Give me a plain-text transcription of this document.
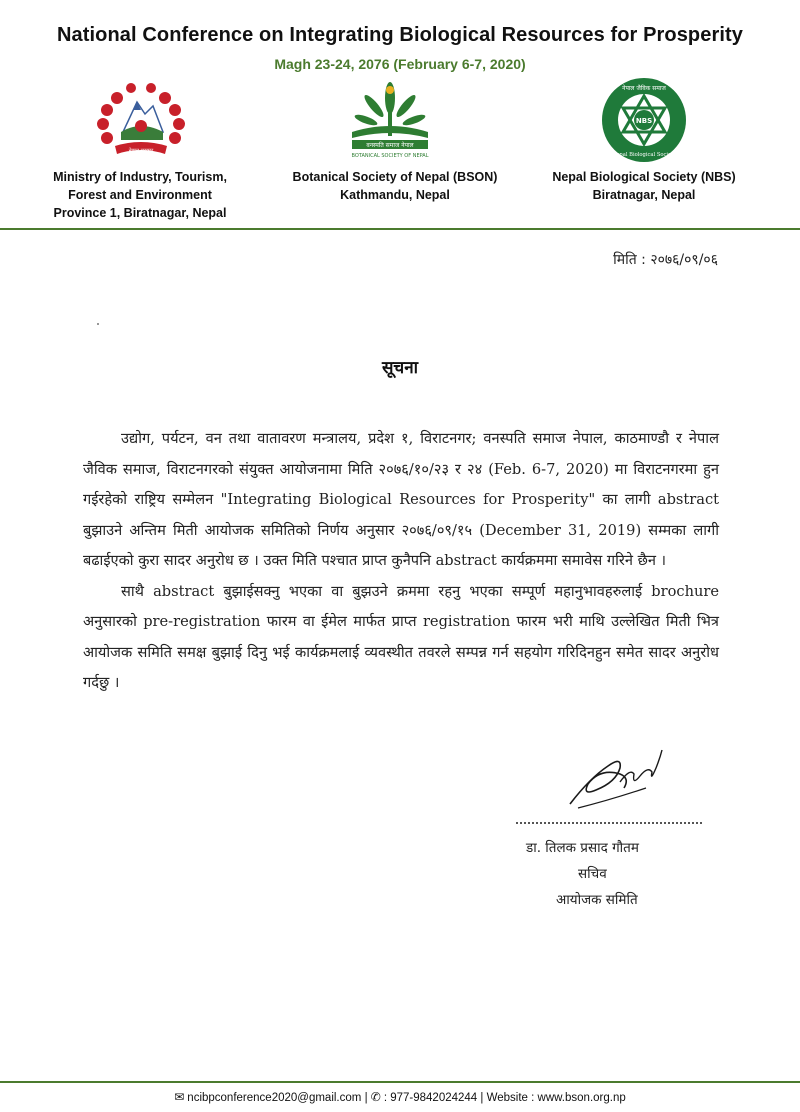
National Conference on Integrating Biological Resources for Prosperity
Magh 23-24, 2076 (February 6-7, 2020)
नेपाल सरकार
वनस्पति समाज नेपाल
BOTANICAL SOCIETY OF NEPAL
NBS
नेपाल जैविक समाज
Nepal Biological Society
Ministry of Industry, Tourism,
Forest and Environment
Province 1, Biratnagar, Nepal
Botanical Society of Nepal (BSON)
Kathmandu, Nepal
Nepal Biological Society (NBS)
Biratnagar, Nepal
मिति : २०७६/०९/०६
सूचना

उद्योग, पर्यटन, वन तथा वातावरण मन्त्रालय, प्रदेश १, विराटनगर; वनस्पति समाज नेपाल, काठमाण्डौ र नेपाल जैविक समाज, विराटनगरको संयुक्त आयोजनामा मिति २०७६/१०/२३ र २४ (Feb. 6-7, 2020) मा विराटनगरमा हुन गईरहेको राष्ट्रिय सम्मेलन "Integrating Biological Resources for Prosperity" का लागी abstract बुझाउने अन्तिम मिती आयोजक समितिको निर्णय अनुसार २०७६/०९/१५ (December 31, 2019) सम्मका लागी बढाईएको कुरा सादर अनुरोध छ । उक्त मिति पश्चात प्राप्त कुनैपनि abstract कार्यक्रममा समावेस गरिने छैन ।

साथै abstract बुझाईसक्नु भएका वा बुझउने क्रममा रहनु भएका सम्पूर्ण महानुभावहरुलाई brochure अनुसारको pre-registration फारम वा ईमेल मार्फत प्राप्त registration फारम भरी माथि उल्लेखित मिती भित्र आयोजक समिति समक्ष बुझाई दिनु भई कार्यक्रमलाई व्यवस्थीत तवरले सम्पन्न गर्न सहयोग गरिदिनहुन समेत सादर अनुरोध गर्दछु ।

डा. तिलक प्रसाद गौतम
सचिव
आयोजक समिति
✉ ncibpconference2020@gmail.com | ✆ : 977-9842024244 | Website : www.bson.org.np
